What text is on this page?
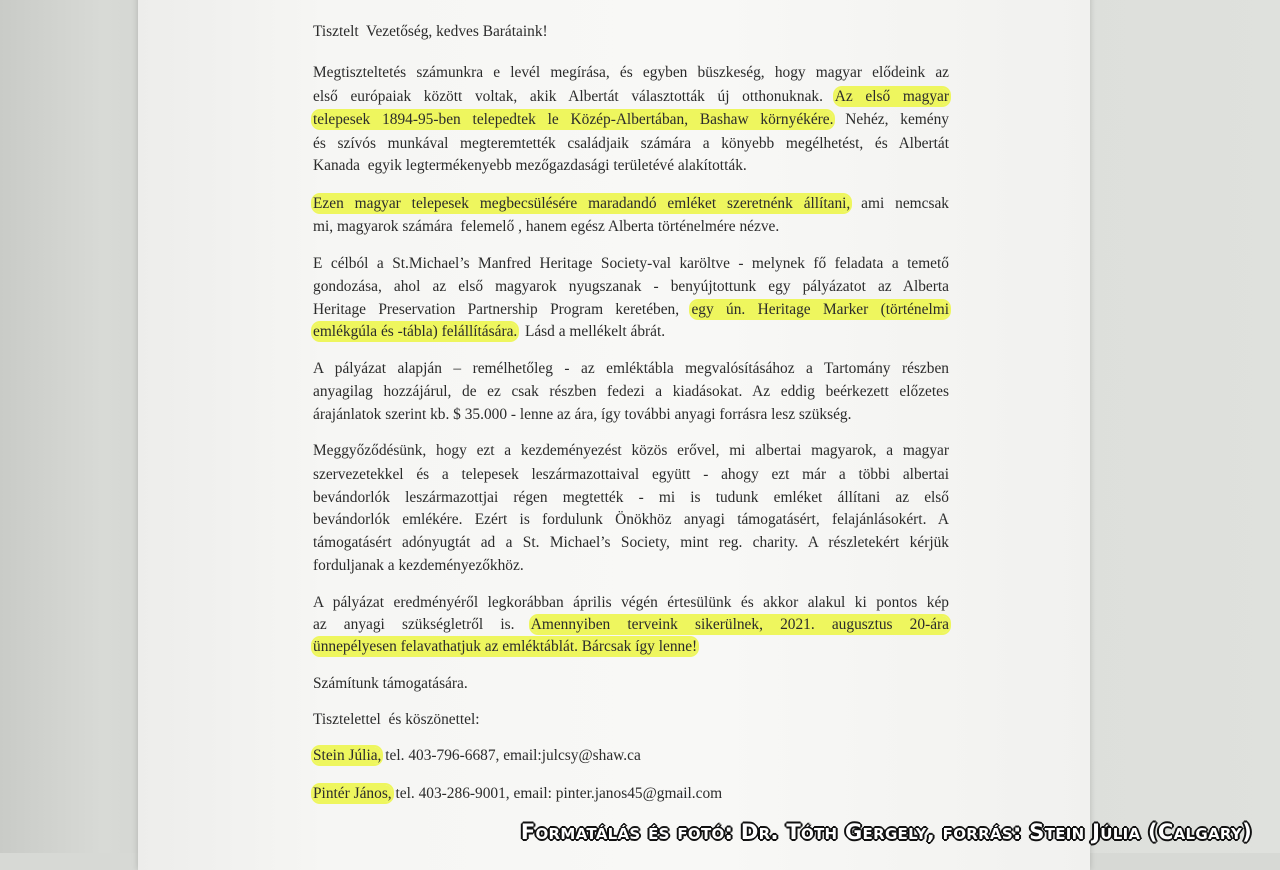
Tisztelt  Vezetőség, kedves Barátaink!
Megtiszteltetés számunkra e levél megírása, és egyben büszkeség, hogy magyar elődeink az
első európaiak között voltak, akik Albertát választották új otthonuknak. Az első magyar
telepesek 1894-95-ben telepedtek le Közép-Albertában, Bashaw környékére. Nehéz, kemény
és szívós munkával megteremtették családjaik számára a könyebb megélhetést, és Albertát
Kanada  egyik legtermékenyebb mezőgazdasági területévé alakították.
Ezen magyar telepesek megbecsülésére maradandó emléket szeretnénk állítani, ami nemcsak
mi, magyarok számára  felemelő , hanem egész Alberta történelmére nézve.
E célból a St.Michael’s Manfred Heritage Society-val karöltve - melynek fő feladata a temető
gondozása, ahol az első magyarok nyugszanak - benyújtottunk egy pályázatot az Alberta
Heritage Preservation Partnership Program keretében, egy ún. Heritage Marker (történelmi
emlékgúla és -tábla) felállítására.  Lásd a mellékelt ábrát.
A pályázat alapján – remélhetőleg - az emléktábla megvalósításához a Tartomány részben
anyagilag hozzájárul, de ez csak részben fedezi a kiadásokat. Az eddig beérkezett előzetes
árajánlatok szerint kb. $ 35.000 - lenne az ára, így további anyagi forrásra lesz szükség.
Meggyőződésünk, hogy ezt a kezdeményezést közös erővel, mi albertai magyarok, a magyar
szervezetekkel és a telepesek leszármazottaival együtt - ahogy ezt már a többi albertai
bevándorlók leszármazottjai régen megtették - mi is tudunk emléket állítani az első
bevándorlók emlékére. Ezért is fordulunk Önökhöz anyagi támogatásért, felajánlásokért. A
támogatásért adónyugtát ad a St. Michael’s Society, mint reg. charity. A részletekért kérjük
forduljanak a kezdeményezőkhöz.
A pályázat eredményéről legkorábban április végén értesülünk és akkor alakul ki pontos kép
az anyagi szükségletről is. Amennyiben terveink sikerülnek, 2021. augusztus 20-ára
ünnepélyesen felavathatjuk az emléktáblát. Bárcsak így lenne!
Számítunk támogatására.
Tisztelettel  és köszönettel:
Stein Júlia, tel. 403-796-6687, email:julcsy@shaw.ca
Pintér János, tel. 403-286-9001, email: pinter.janos45@gmail.com
Formatálás és fotó: Dr. Tóth Gergely, forrás: Stein Júlia (Calgary)
